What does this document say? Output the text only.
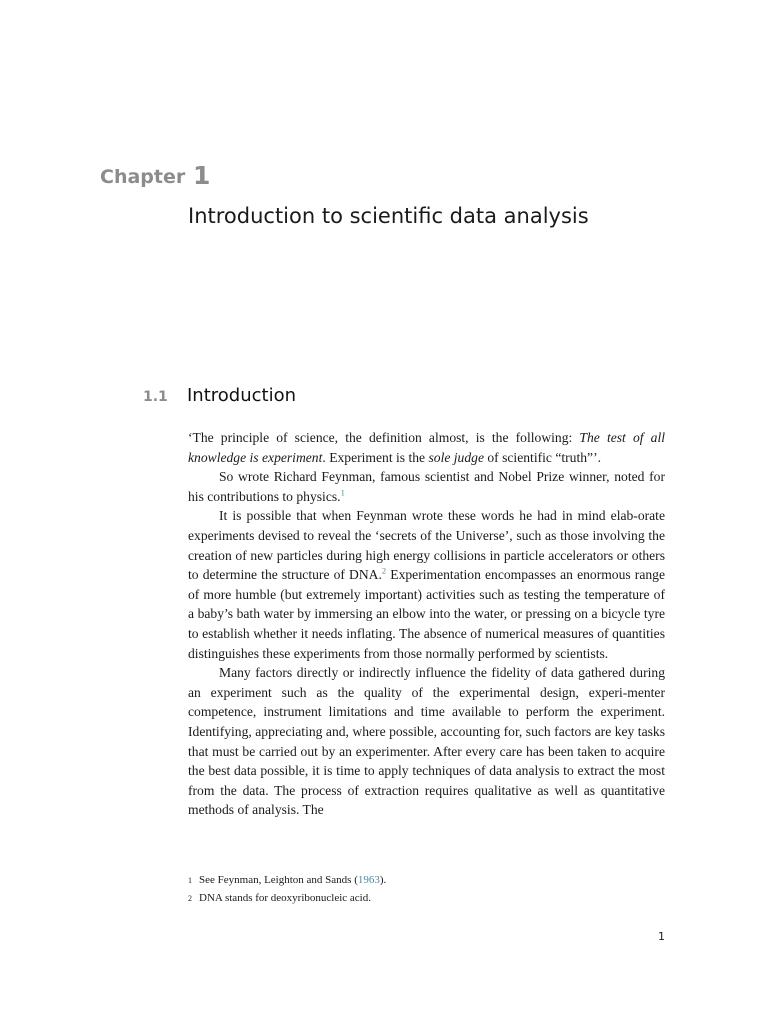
Chapter 1
Introduction to scientific data analysis
1.1 Introduction

‘The principle of science, the definition almost, is the following: The test of all knowledge is experiment. Experiment is the sole judge of scientific “truth”’.

So wrote Richard Feynman, famous scientist and Nobel Prize winner, noted for his contributions to physics.$^1$

It is possible that when Feynman wrote these words he had in mind elab-orate experiments devised to reveal the ‘secrets of the Universe’, such as those involving the creation of new particles during high energy collisions in particle accelerators or others to determine the structure of DNA.$^2$ Experimentation encompasses an enormous range of more humble (but extremely important) activities such as testing the temperature of a baby’s bath water by immersing an elbow into the water, or pressing on a bicycle tyre to establish whether it needs inflating. The absence of numerical measures of quantities distinguishes these experiments from those normally performed by scientists.

Many factors directly or indirectly influence the fidelity of data gathered during an experiment such as the quality of the experimental design, experi-menter competence, instrument limitations and time available to perform the experiment. Identifying, appreciating and, where possible, accounting for, such factors are key tasks that must be carried out by an experimenter. After every care has been taken to acquire the best data possible, it is time to apply techniques of data analysis to extract the most from the data. The process of extraction requires qualitative as well as quantitative methods of analysis. The

1 See Feynman, Leighton and Sands (1963).
2 DNA stands for deoxyribonucleic acid.
1
